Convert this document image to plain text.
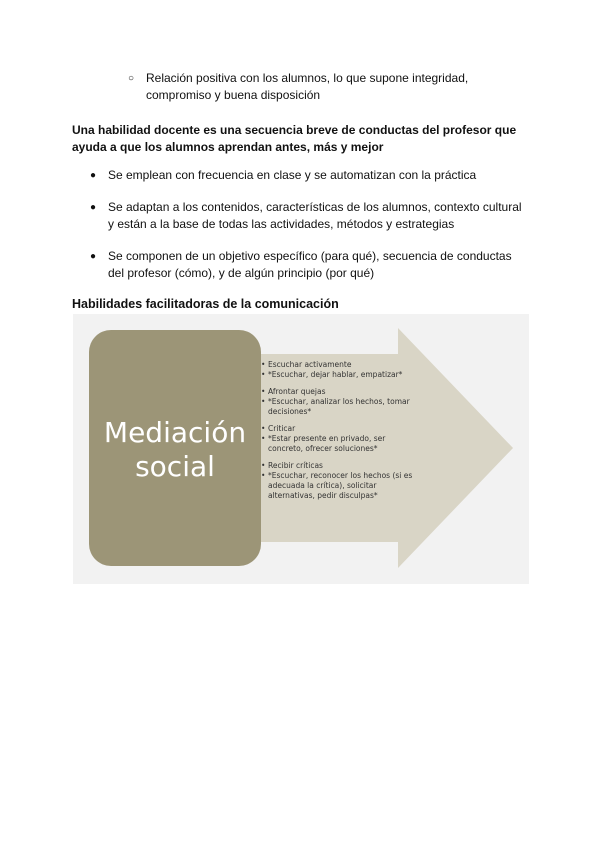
○ Relación positiva con los alumnos, lo que supone integridad,
compromiso y buena disposición
Una habilidad docente es una secuencia breve de conductas del profesor que
ayuda a que los alumnos aprendan antes, más y mejor
● Se emplean con frecuencia en clase y se automatizan con la práctica
● Se adaptan a los contenidos, características de los alumnos, contexto cultural
y están a la base de todas las actividades, métodos y estrategias
● Se componen de un objetivo específico (para qué), secuencia de conductas
del profesor (cómo), y de algún principio (por qué)
Habilidades facilitadoras de la comunicación
Mediación
social
• Escuchar activamente
• *Escuchar, dejar hablar, empatizar*
• Afrontar quejas
• *Escuchar, analizar los hechos, tomar
decisiones*
• Criticar
• *Estar presente en privado, ser
concreto, ofrecer soluciones*
• Recibir críticas
• *Escuchar, reconocer los hechos (si es
adecuada la crítica), solicitar
alternativas, pedir disculpas*
